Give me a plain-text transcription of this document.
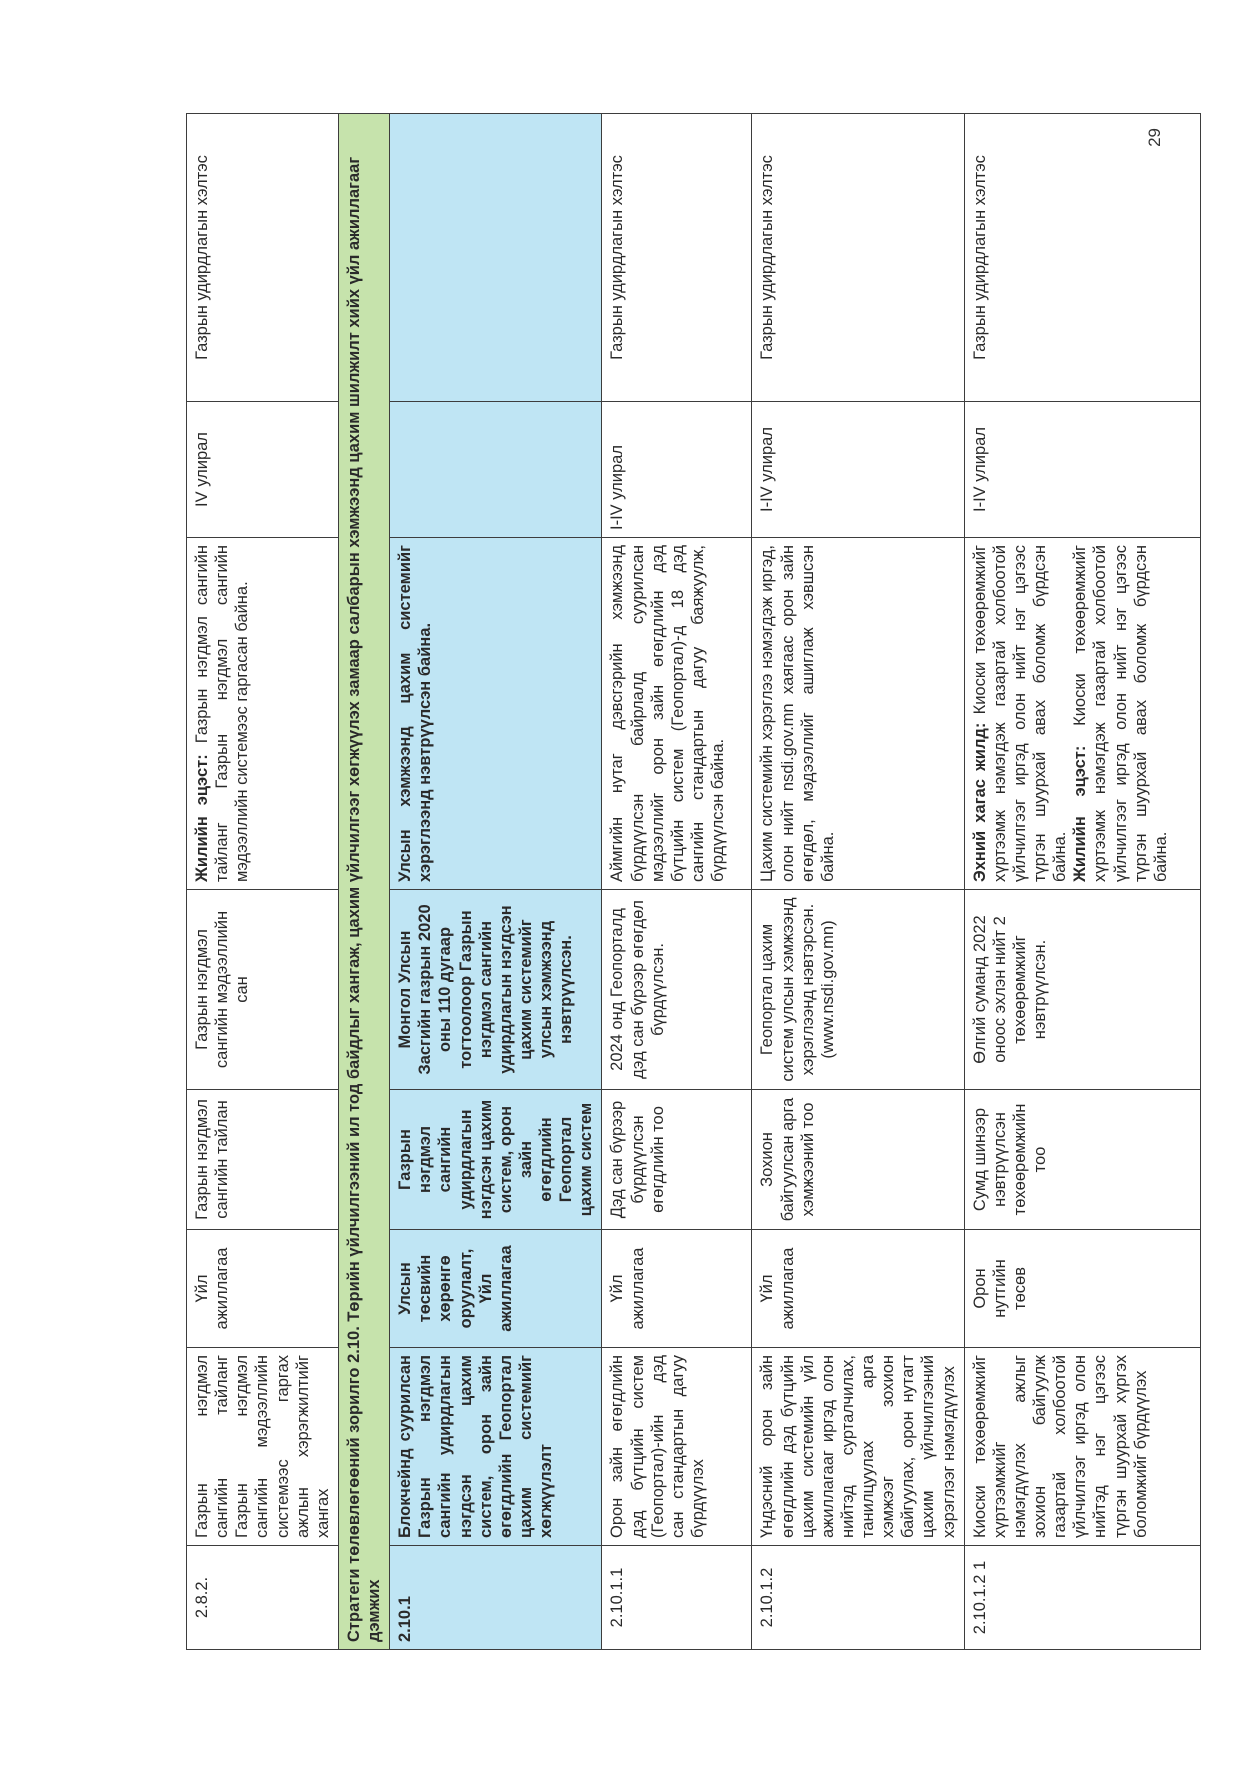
2.8.2.	Газрын нэгдмэл сангийн тайланг Газрын нэгдмэл сангийн мэдээллийн системээс гаргах ажлын хэрэгжилтийг хангах	Үйл ажиллагаа	Газрын нэгдмэл сангийн тайлан	Газрын нэгдмэл сангийн мэдээллийн сан	Жилийн эцэст: Газрын нэгдмэл сангийн тайланг Газрын нэгдмэл сангийн мэдээллийн системээс гаргасан байна.	IV улирал	Газрын удирдлагын хэлтэс
Стратеги төлөвлөгөөний зорилго 2.10. Төрийн үйлчилгээний ил тод байдлыг хангаж, цахим үйлчилгээг хөгжүүлэх замаар салбарын хэмжээнд цахим шилжилт хийх үйл ажиллагааг дэмжих							
2.10.1	Блокчейнд суурилсан Газрын нэгдмэл сангийн удирдлагын нэгдсэн цахим систем, орон зайн өгөгдлийн Геопортал цахим системийг хөгжүүлэлт	Улсын төсвийн хөрөнгө оруулалт, Үйл ажиллагаа	Газрын нэгдмэл сангийн удирдлагын нэгдсэн цахим систем, орон зайн өгөгдлийн Геопортал цахим систем	Монгол Улсын Засгийн газрын 2020 оны 110 дугаар тогтоолоор Газрын нэгдмэл сангийн удирдлагын нэгдсэн цахим системийг улсын хэмжээнд нэвтрүүлсэн.	Улсын хэмжээнд цахим системийг хэрэглээнд нэвтрүүлсэн байна.		
2.10.1.1	Орон зайн өгөгдлийн дэд бүтцийн систем (Геопортал)-ийн дэд сан стандартын дагуу бүрдүүлэх	Үйл ажиллагаа	Дэд сан бүрээр бүрдүүлсэн өгөгдлийн тоо	2024 онд Геопорталд дэд сан бүрээр өгөгдөл бүрдүүлсэн.	Аймгийн нутаг дэвсгэрийн хэмжээнд бүрдүүлсэн байрлалд суурилсан мэдээллийг орон зайн өгөгдлийн дэд бүтцийн систем (Геопортал)-д 18 дэд сангийн стандартын дагуу баяжуулж, бүрдүүлсэн байна.	I-IV улирал	Газрын удирдлагын хэлтэс
2.10.1.2	Үндэсний орон зайн өгөгдлийн дэд бүтцийн цахим системийн үйл ажиллагааг иргэд олон нийтэд сурталчилах, танилцуулах арга хэмжээг зохион байгуулах, орон нутагт цахим үйлчилгээний хэрэглээг нэмэгдүүлэх	Үйл ажиллагаа	Зохион байгуулсан арга хэмжээний тоо	Геопортал цахим систем улсын хэмжээнд хэрэглээнд нэвтэрсэн. (www.nsdi.gov.mn)	Цахим системийн хэрэглээ нэмэгдэж иргэд, олон нийт nsdi.gov.mn хаягаас орон зайн өгөгдөл, мэдээллийг ашиглаж хэвшсэн байна.	I-IV улирал	Газрын удирдлагын хэлтэс
2.10.1.2 1	Киоски төхөөрөмжийг хүртээмжийг нэмэгдүүлэх ажлыг зохион байгуулж газартай холбоотой үйлчилгээг иргэд олон нийтэд нэг цэгээс түргэн шуурхай хүргэх боломжийг бүрдүүлэх	Орон нутгийн төсөв	Сумд шинээр нэвтрүүлсэн төхөөрөмжийн тоо	Өлгий суманд 2022 оноос эхлэн нийт 2 төхөөрөмжийг нэвтрүүлсэн.	Эхний хагас жилд: Киоски төхөөрөмжийг хүртээмж нэмэгдэж газартай холбоотой үйлчилгээг иргэд олон нийт нэг цэгээс түргэн шуурхай авах боломж бүрдсэн байна. Жилийн эцэст: Киоски төхөөрөмжийг хүртээмж нэмэгдэж газартай холбоотой үйлчилгээг иргэд олон нийт нэг цэгээс түргэн шуурхай авах боломж бүрдсэн байна.	I-IV улирал	Газрын удирдлагын хэлтэс
29
